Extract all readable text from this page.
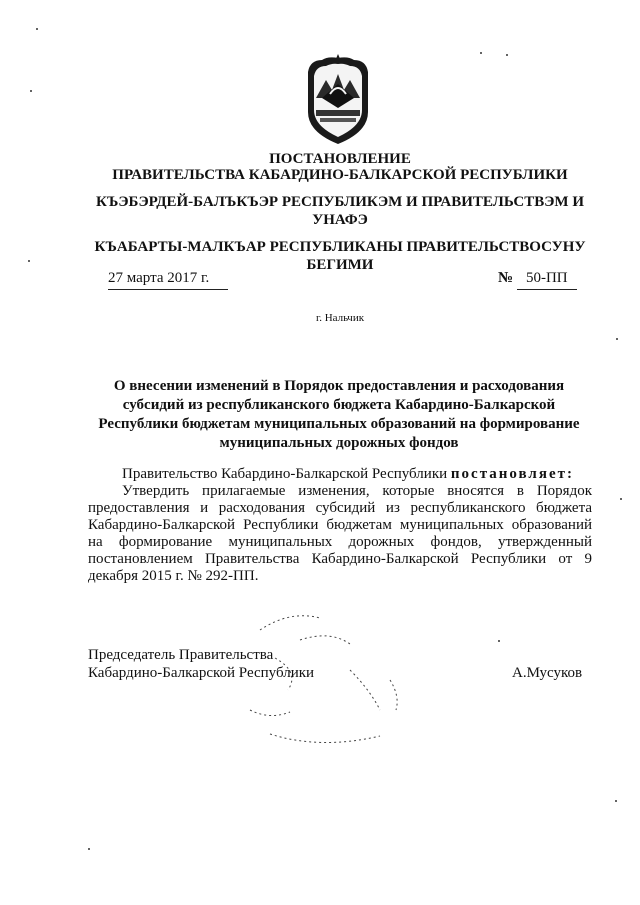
ПОСТАНОВЛЕНИЕ
ПРАВИТЕЛЬСТВА КАБАРДИНО-БАЛКАРСКОЙ РЕСПУБЛИКИ
КЪЭБЭРДЕЙ-БАЛЪКЪЭР РЕСПУБЛИКЭМ И ПРАВИТЕЛЬСТВЭМ И
УНАФЭ
КЪАБАРТЫ-МАЛКЪАР РЕСПУБЛИКАНЫ ПРАВИТЕЛЬСТВОСУНУ
БЕГИМИ
27 марта 2017 г.	№ 50-ПП
г. Нальчик
О внесении изменений в Порядок предоставления и расходования
субсидий из республиканского бюджета Кабардино-Балкарской
Республики бюджетам муниципальных образований на формирование
муниципальных дорожных фондов

Правительство Кабардино-Балкарской Республики постановляет:

Утвердить прилагаемые изменения, которые вносятся в Порядок предоставления и расходования субсидий из республиканского бюджета Кабардино-Балкарской Республики бюджетам муниципальных образований на формирование муниципальных дорожных фондов, утвержденный постановлением Правительства Кабардино-Балкарской Республики от 9 декабря 2015 г. № 292-ПП.

Председатель Правительства
Кабардино-Балкарской Республики	А.Мусуков
